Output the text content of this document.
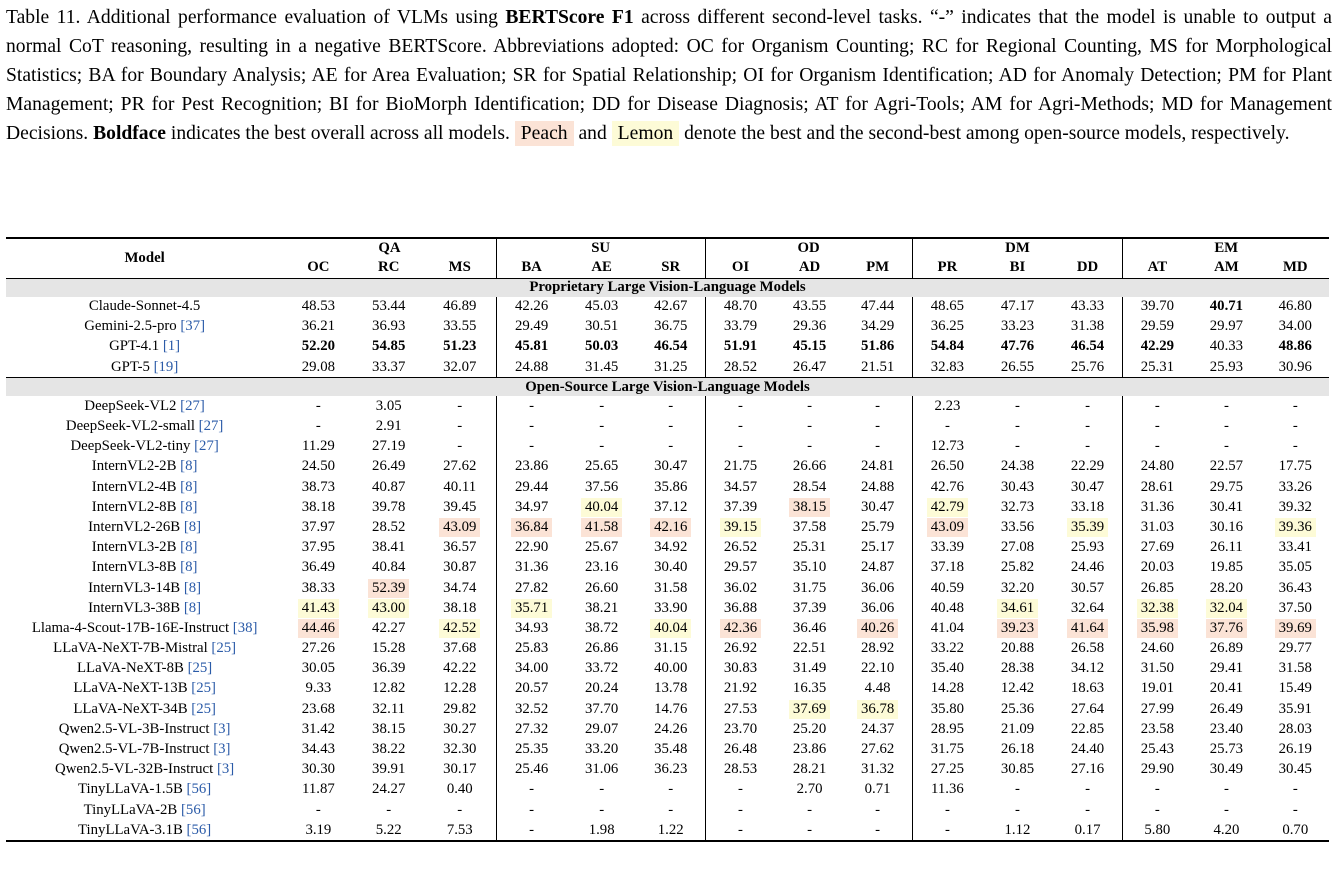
Table 11. Additional performance evaluation of VLMs using BERTScore F1 across different second-level tasks. “-” indicates that the model is unable to output a normal CoT reasoning, resulting in a negative BERTScore. Abbreviations adopted: OC for Organism Counting; RC for Regional Counting, MS for Morphological Statistics; BA for Boundary Analysis; AE for Area Evaluation; SR for Spatial Relationship; OI for Organism Identification; AD for Anomaly Detection; PM for Plant Management; PR for Pest Recognition; BI for BioMorph Identification; DD for Disease Diagnosis; AT for Agri-Tools; AM for Agri-Methods; MD for Management Decisions. Boldface indicates the best overall across all models. Peach and Lemon denote the best and the second-best among open-source models, respectively.
Model	QA			SU			OD			DM			EM		
	OC	RC	MS	BA	AE	SR	OI	AD	PM	PR	BI	DD	AT	AM	MD
Proprietary Large Vision-Language Models															
Claude-Sonnet-4.5	48.53	53.44	46.89	42.26	45.03	42.67	48.70	43.55	47.44	48.65	47.17	43.33	39.70	40.71	46.80
Gemini-2.5-pro [37]	36.21	36.93	33.55	29.49	30.51	36.75	33.79	29.36	34.29	36.25	33.23	31.38	29.59	29.97	34.00
GPT-4.1 [1]	52.20	54.85	51.23	45.81	50.03	46.54	51.91	45.15	51.86	54.84	47.76	46.54	42.29	40.33	48.86
GPT-5 [19]	29.08	33.37	32.07	24.88	31.45	31.25	28.52	26.47	21.51	32.83	26.55	25.76	25.31	25.93	30.96
Open-Source Large Vision-Language Models															
DeepSeek-VL2 [27]	-	3.05	-	-	-	-	-	-	-	2.23	-	-	-	-	-
DeepSeek-VL2-small [27]	-	2.91	-	-	-	-	-	-	-	-	-	-	-	-	-
DeepSeek-VL2-tiny [27]	11.29	27.19	-	-	-	-	-	-	-	12.73	-	-	-	-	-
InternVL2-2B [8]	24.50	26.49	27.62	23.86	25.65	30.47	21.75	26.66	24.81	26.50	24.38	22.29	24.80	22.57	17.75
InternVL2-4B [8]	38.73	40.87	40.11	29.44	37.56	35.86	34.57	28.54	24.88	42.76	30.43	30.47	28.61	29.75	33.26
InternVL2-8B [8]	38.18	39.78	39.45	34.97	40.04	37.12	37.39	38.15	30.47	42.79	32.73	33.18	31.36	30.41	39.32
InternVL2-26B [8]	37.97	28.52	43.09	36.84	41.58	42.16	39.15	37.58	25.79	43.09	33.56	35.39	31.03	30.16	39.36
InternVL3-2B [8]	37.95	38.41	36.57	22.90	25.67	34.92	26.52	25.31	25.17	33.39	27.08	25.93	27.69	26.11	33.41
InternVL3-8B [8]	36.49	40.84	30.87	31.36	23.16	30.40	29.57	35.10	24.87	37.18	25.82	24.46	20.03	19.85	35.05
InternVL3-14B [8]	38.33	52.39	34.74	27.82	26.60	31.58	36.02	31.75	36.06	40.59	32.20	30.57	26.85	28.20	36.43
InternVL3-38B [8]	41.43	43.00	38.18	35.71	38.21	33.90	36.88	37.39	36.06	40.48	34.61	32.64	32.38	32.04	37.50
Llama-4-Scout-17B-16E-Instruct [38]	44.46	42.27	42.52	34.93	38.72	40.04	42.36	36.46	40.26	41.04	39.23	41.64	35.98	37.76	39.69
LLaVA-NeXT-7B-Mistral [25]	27.26	15.28	37.68	25.83	26.86	31.15	26.92	22.51	28.92	33.22	20.88	26.58	24.60	26.89	29.77
LLaVA-NeXT-8B [25]	30.05	36.39	42.22	34.00	33.72	40.00	30.83	31.49	22.10	35.40	28.38	34.12	31.50	29.41	31.58
LLaVA-NeXT-13B [25]	9.33	12.82	12.28	20.57	20.24	13.78	21.92	16.35	4.48	14.28	12.42	18.63	19.01	20.41	15.49
LLaVA-NeXT-34B [25]	23.68	32.11	29.82	32.52	37.70	14.76	27.53	37.69	36.78	35.80	25.36	27.64	27.99	26.49	35.91
Qwen2.5-VL-3B-Instruct [3]	31.42	38.15	30.27	27.32	29.07	24.26	23.70	25.20	24.37	28.95	21.09	22.85	23.58	23.40	28.03
Qwen2.5-VL-7B-Instruct [3]	34.43	38.22	32.30	25.35	33.20	35.48	26.48	23.86	27.62	31.75	26.18	24.40	25.43	25.73	26.19
Qwen2.5-VL-32B-Instruct [3]	30.30	39.91	30.17	25.46	31.06	36.23	28.53	28.21	31.32	27.25	30.85	27.16	29.90	30.49	30.45
TinyLLaVA-1.5B [56]	11.87	24.27	0.40	-	-	-	-	2.70	0.71	11.36	-	-	-	-	-
TinyLLaVA-2B [56]	-	-	-	-	-	-	-	-	-	-	-	-	-	-	-
TinyLLaVA-3.1B [56]	3.19	5.22	7.53	-	1.98	1.22	-	-	-	-	1.12	0.17	5.80	4.20	0.70
